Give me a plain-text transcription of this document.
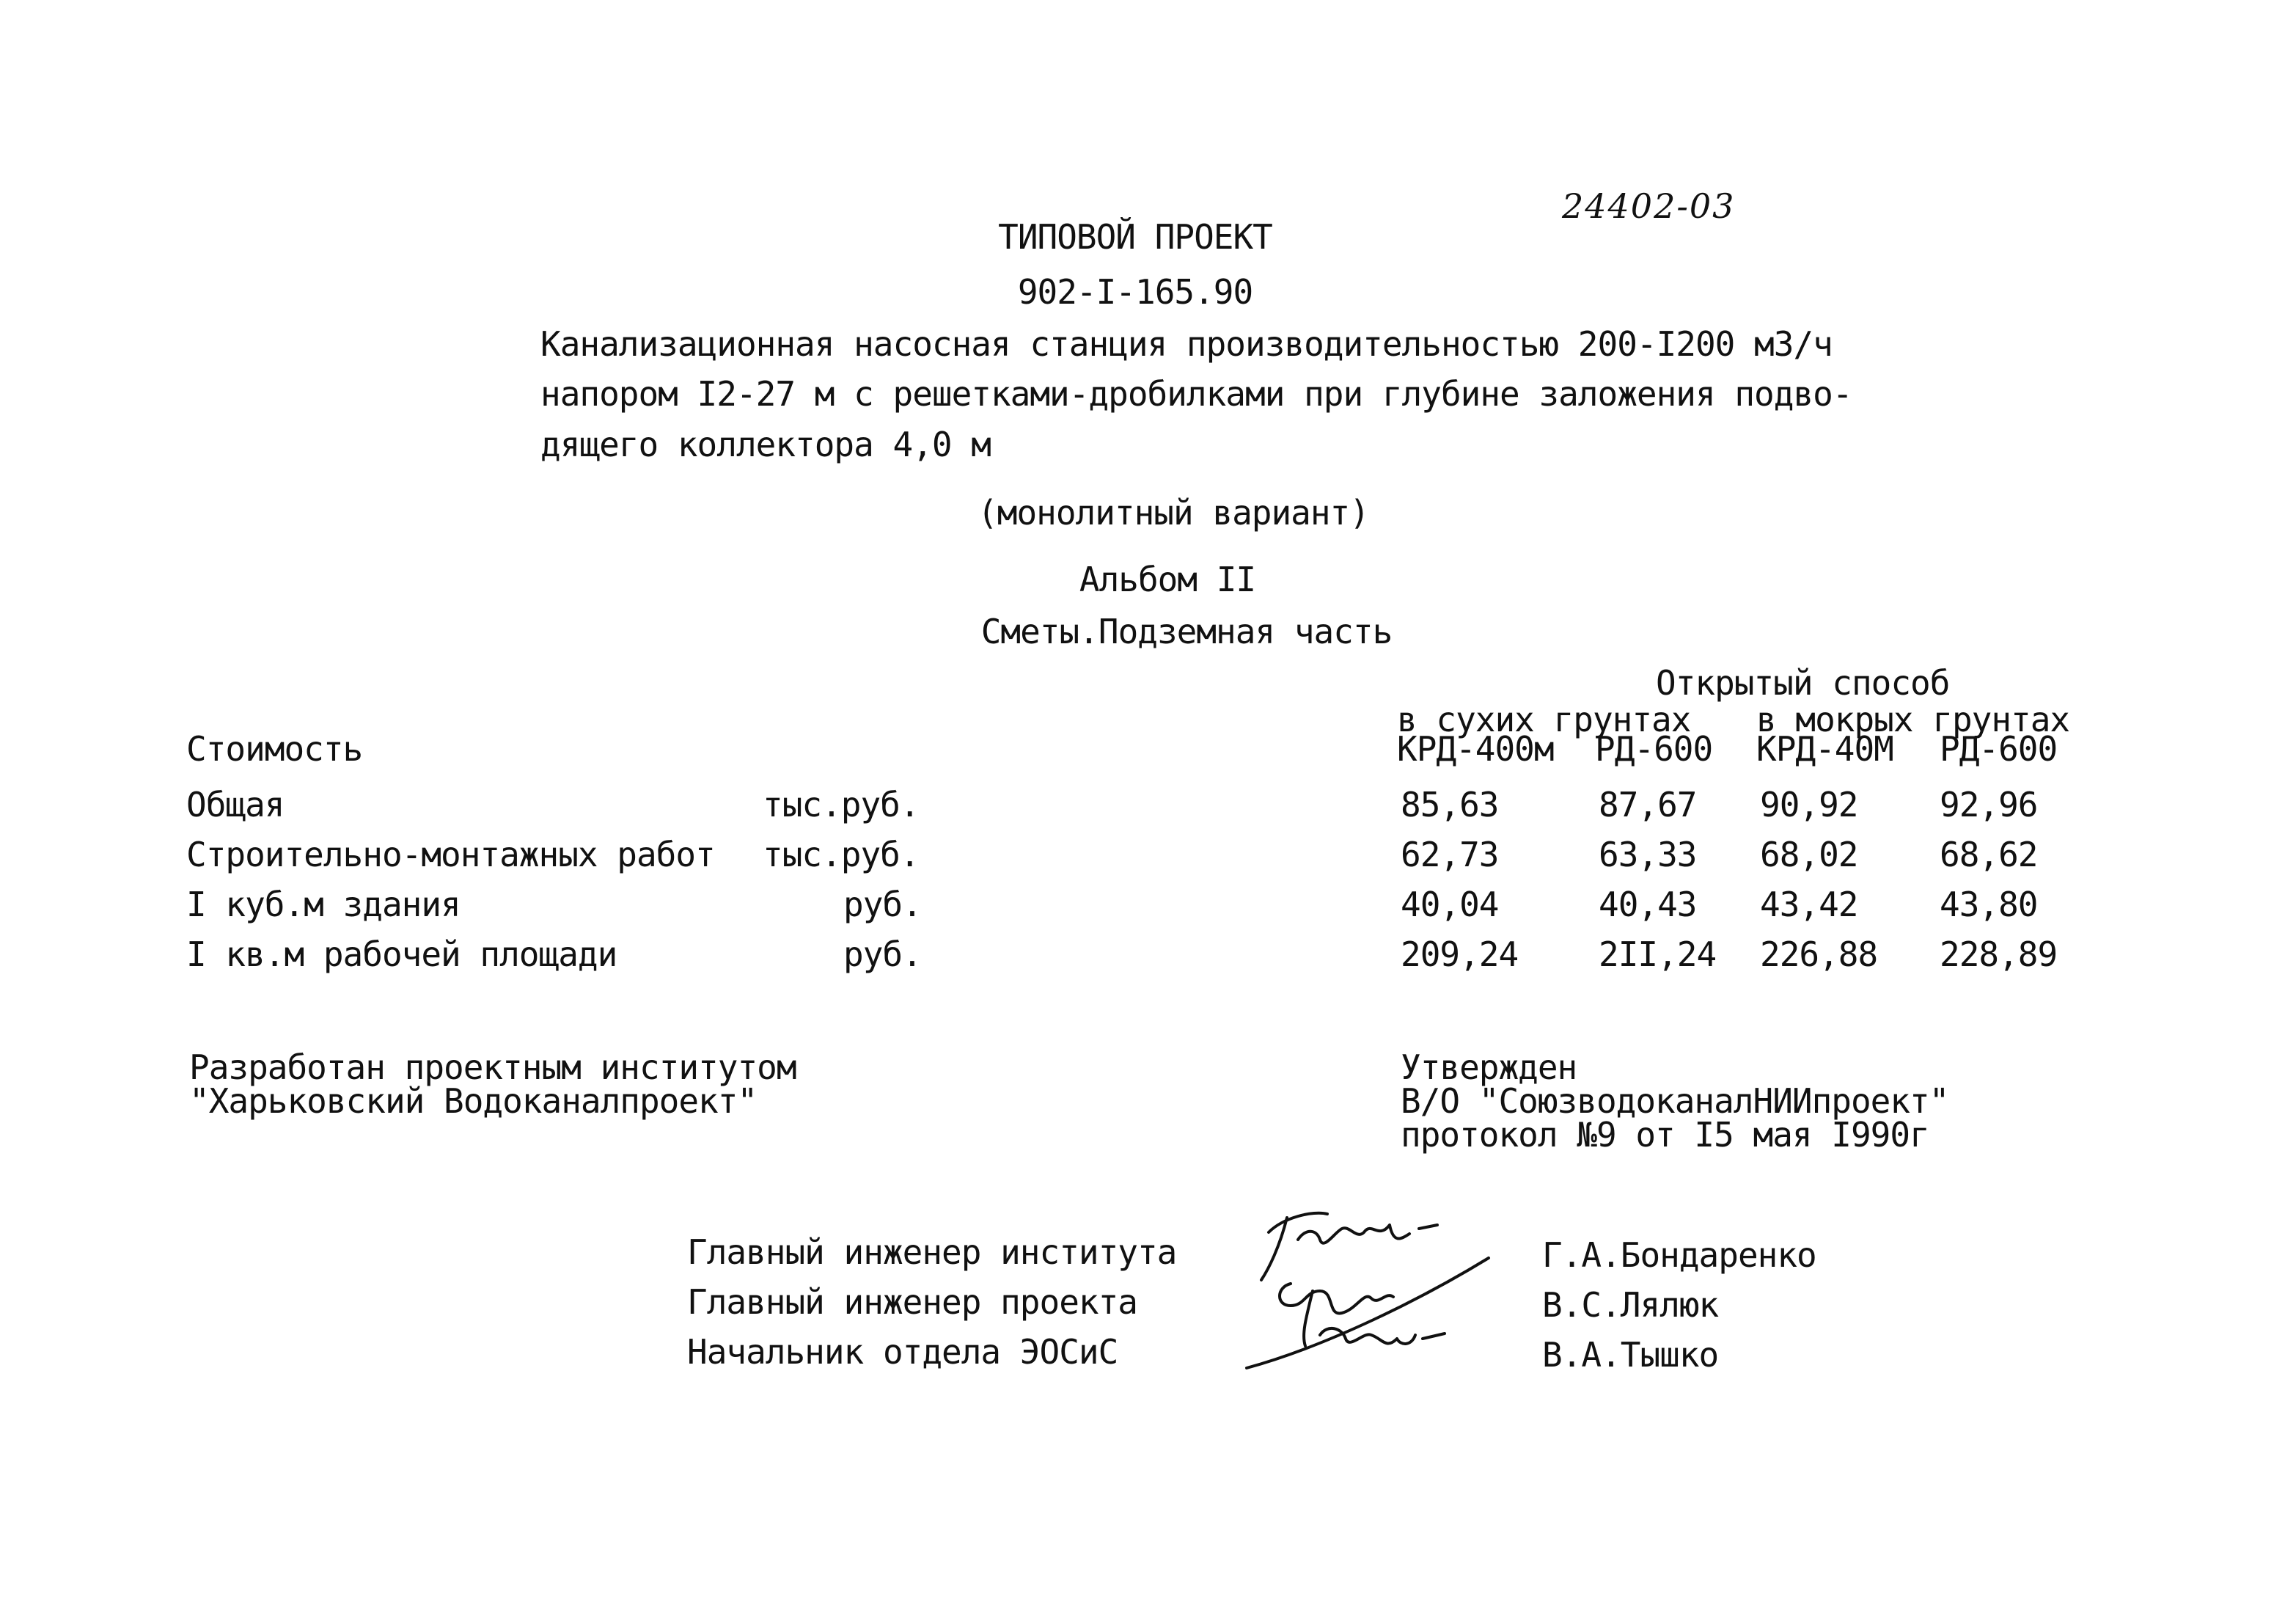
24402-03
ТИПОВОЙ ПРОЕКТ
902-I-165.90
Канализационная насосная станция производительностью 200-I200 м3/ч
напором I2-27 м с решетками-дробилками при глубине заложения подво-
дящего коллектора 4,0 м
(монолитный вариант)
Альбом II
Сметы.Подземная часть
Открытый способ
в сухих грунтах в мокрых грунтах
Стоимость	КРД-400м РД-600 КРД-40М РД-600
Общая	тыс.руб.	85,63	87,67 90,92 92,96
Строительно-монтажных работ тыс.руб.	62,73	63,33 68,02 68,62
I куб.м здания	руб.	40,04	40,43 43,42 43,80
I кв.м рабочей площади	руб.	209,24 2II,24 226,88 228,89
Разработан проектным институтом
"Харьковский Водоканалпроект"
Утвержден
В/О "СоюзводоканалНИИпроект"
протокол №9 от I5 мая I990г
Главный инженер института
Главный инженер проекта
Начальник отдела ЭОСиС
Г.А.Бондаренко
В.С.Лялюк
В.А.Тышко
